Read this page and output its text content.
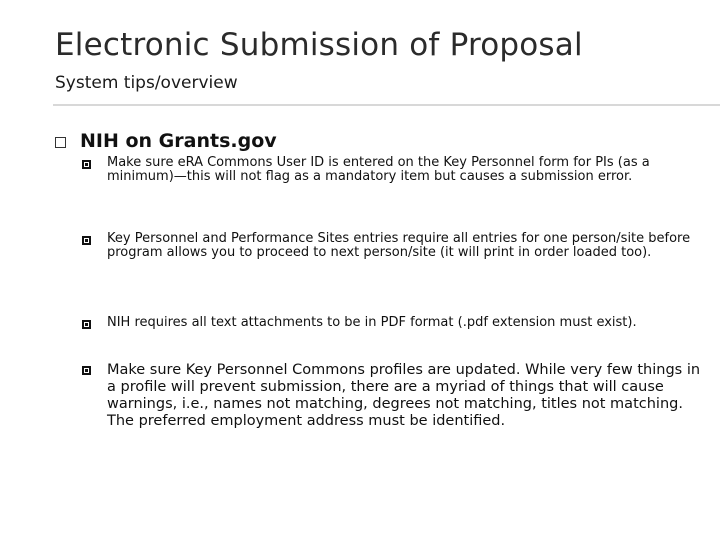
Electronic Submission of Proposal
System tips/overview
NIH on Grants.gov
Make sure eRA Commons User ID is entered on the Key Personnel form for PIs (as a minimum)—this will not flag as a mandatory item but causes a submission error.
Key Personnel and Performance Sites entries require all entries for one person/site before program allows you to proceed to next person/site (it will print in order loaded too).
NIH requires all text attachments to be in PDF format (.pdf extension must exist).
Make sure Key Personnel Commons profiles are updated. While very few things in a profile will prevent submission, there are a myriad of things that will cause warnings, i.e., names not matching, degrees not matching, titles not matching. The preferred employment address must be identified.
